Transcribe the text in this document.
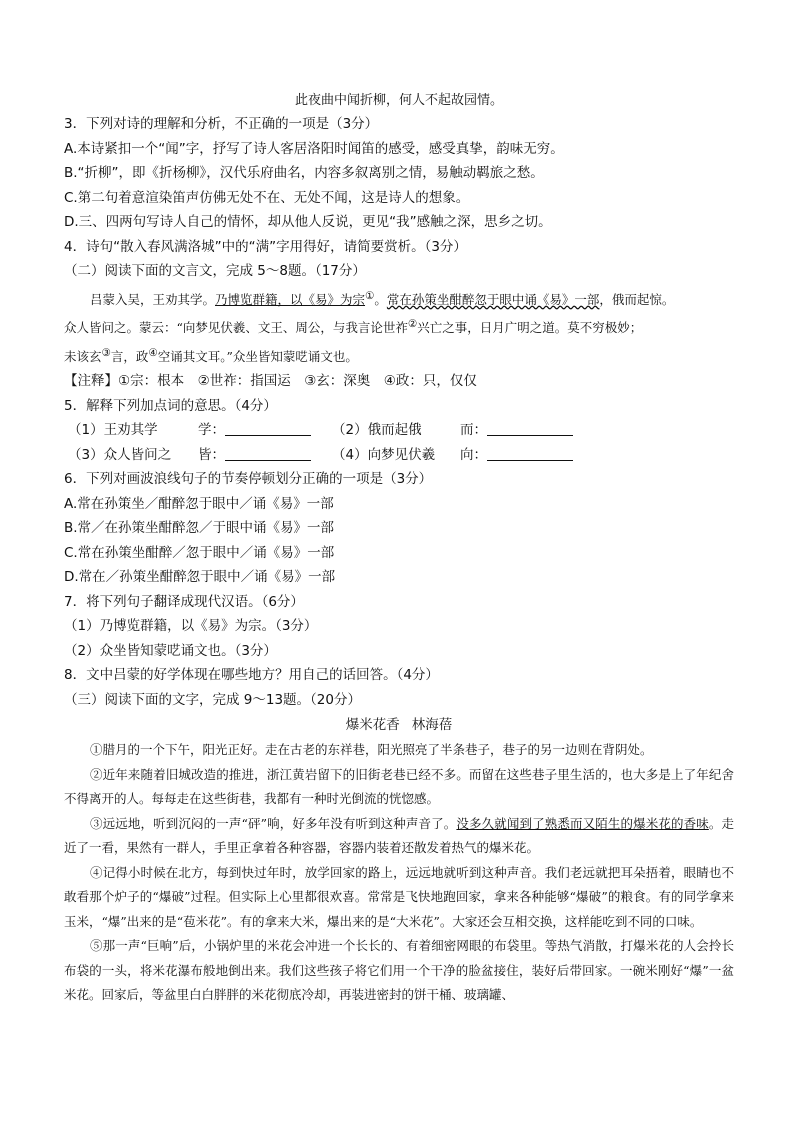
此夜曲中闻折柳，何人不起故园情。
3．下列对诗的理解和分析，不正确的一项是（3分）
A.本诗紧扣一个“闻”字，抒写了诗人客居洛阳时闻笛的感受，感受真挚，韵味无穷。
B.“折柳”，即《折杨柳》，汉代乐府曲名，内容多叙离别之情，易触动羁旅之愁。
C.第二句着意渲染笛声仿佛无处不在、无处不闻，这是诗人的想象。
D.三、四两句写诗人自己的情怀，却从他人反说，更见“我”感触之深，思乡之切。
4．诗句“散入春风满洛城”中的“满”字用得好，请简要赏析。（3分）
（二）阅读下面的文言文，完成 5～8题。（17分）
吕蒙入吴，王劝其学。乃博览群籍，以《易》为宗①。常在孙策坐酣醉忽于眼中诵《易》一部，俄而起惊。
众人皆问之。蒙云：“向梦见伏羲、文王、周公，与我言论世祚②兴亡之事，日月广明之道。莫不穷极妙；
未该玄③言，政④空诵其文耳。”众坐皆知蒙呓诵文也。
【注释】①宗：根本　②世祚：指国运　③玄：深奥　④政：只，仅仅
5．解释下列加点词的意思。（4分）
（1）王劝其学	学：	（2）俄而起俄	而：
（3）众人皆问之	皆：	（4）向梦见伏羲	向：
6．下列对画波浪线句子的节奏停顿划分正确的一项是（3分）
A.常在孙策坐／酣醉忽于眼中／诵《易》一部
B.常／在孙策坐酣醉忽／于眼中诵《易》一部
C.常在孙策坐酣醉／忽于眼中／诵《易》一部
D.常在／孙策坐酣醉忽于眼中／诵《易》一部
7．将下列句子翻译成现代汉语。（6分）
（1）乃博览群籍，以《易》为宗。（3分）
（2）众坐皆知蒙呓诵文也。（3分）
8．文中吕蒙的好学体现在哪些地方？用自己的话回答。（4分）
（三）阅读下面的文字，完成 9～13题。（20分）
爆米花香 林海蓓
①腊月的一个下午，阳光正好。走在古老的东祥巷，阳光照亮了半条巷子，巷子的另一边则在背阴处。
②近年来随着旧城改造的推进，浙江黄岩留下的旧街老巷已经不多。而留在这些巷子里生活的，也大多是上了年纪舍不得离开的人。每每走在这些街巷，我都有一种时光倒流的恍惚感。
③远远地，听到沉闷的一声“砰”响，好多年没有听到这种声音了。没多久就闻到了熟悉而又陌生的爆米花的香味。走近了一看，果然有一群人，手里正拿着各种容器，容器内装着还散发着热气的爆米花。
④记得小时候在北方，每到快过年时，放学回家的路上，远远地就听到这种声音。我们老远就把耳朵捂着，眼睛也不敢看那个炉子的“爆破”过程。但实际上心里都很欢喜。常常是飞快地跑回家，拿来各种能够“爆破”的粮食。有的同学拿来玉米，“爆”出来的是“苞米花”。有的拿来大米，爆出来的是“大米花”。大家还会互相交换，这样能吃到不同的口味。
⑤那一声“巨响”后，小锅炉里的米花会冲进一个长长的、有着细密网眼的布袋里。等热气消散，打爆米花的人会拎长布袋的一头，将米花瀑布般地倒出来。我们这些孩子将它们用一个干净的脸盆接住，装好后带回家。一碗米刚好“爆”一盆米花。回家后，等盆里白白胖胖的米花彻底冷却，再装进密封的饼干桶、玻璃罐、
